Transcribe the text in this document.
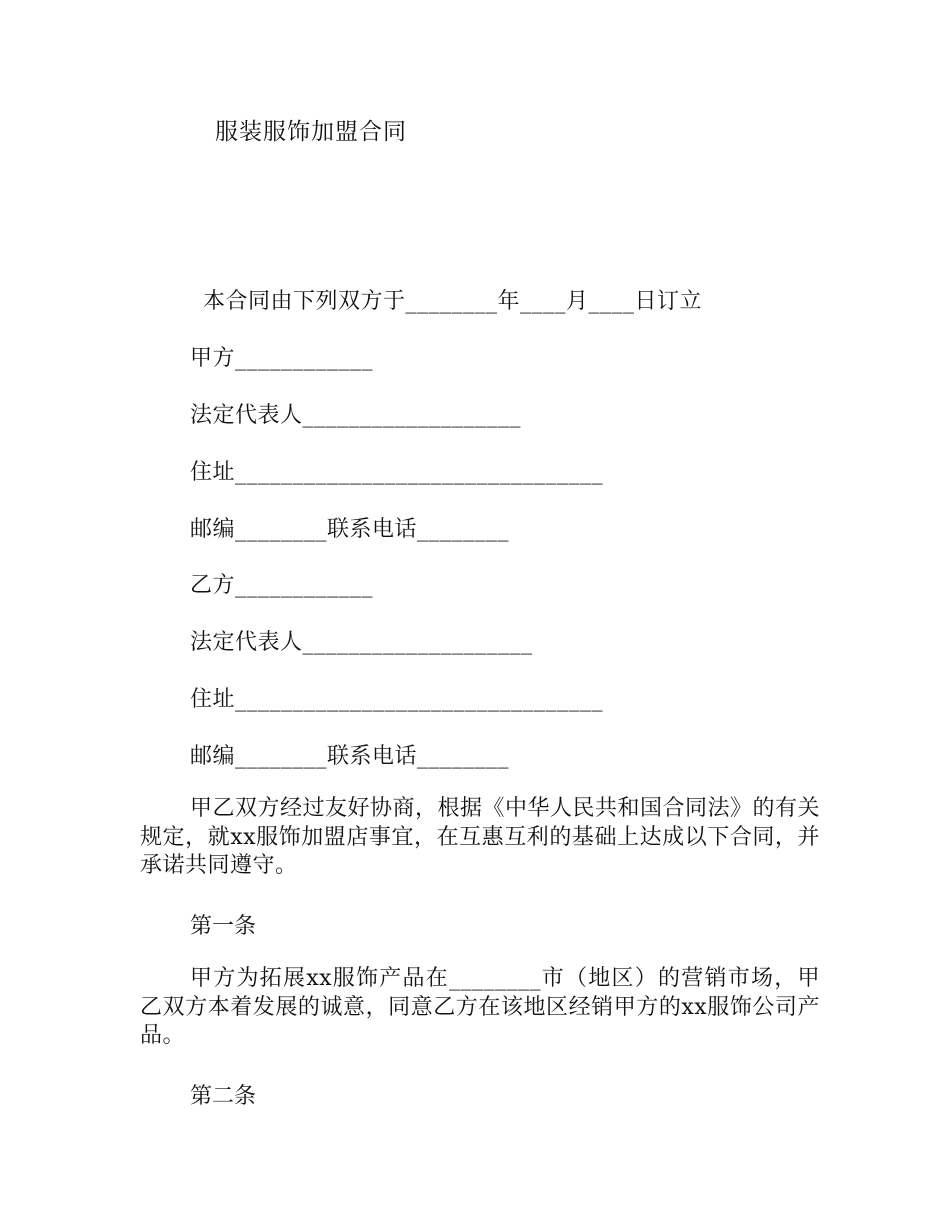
服装服饰加盟合同
本合同由下列双方于________年____月____日订立
甲方____________
法定代表人___________________
住址________________________________
邮编________联系电话________
乙方____________
法定代表人____________________
住址________________________________
邮编________联系电话________
甲乙双方经过友好协商，根据《中华人民共和国合同法》的有关规定，就xx服饰加盟店事宜，在互惠互利的基础上达成以下合同，并承诺共同遵守。
第一条
甲方为拓展xx服饰产品在________市（地区）的营销市场，甲乙双方本着发展的诚意，同意乙方在该地区经销甲方的xx服饰公司产品。
第二条
